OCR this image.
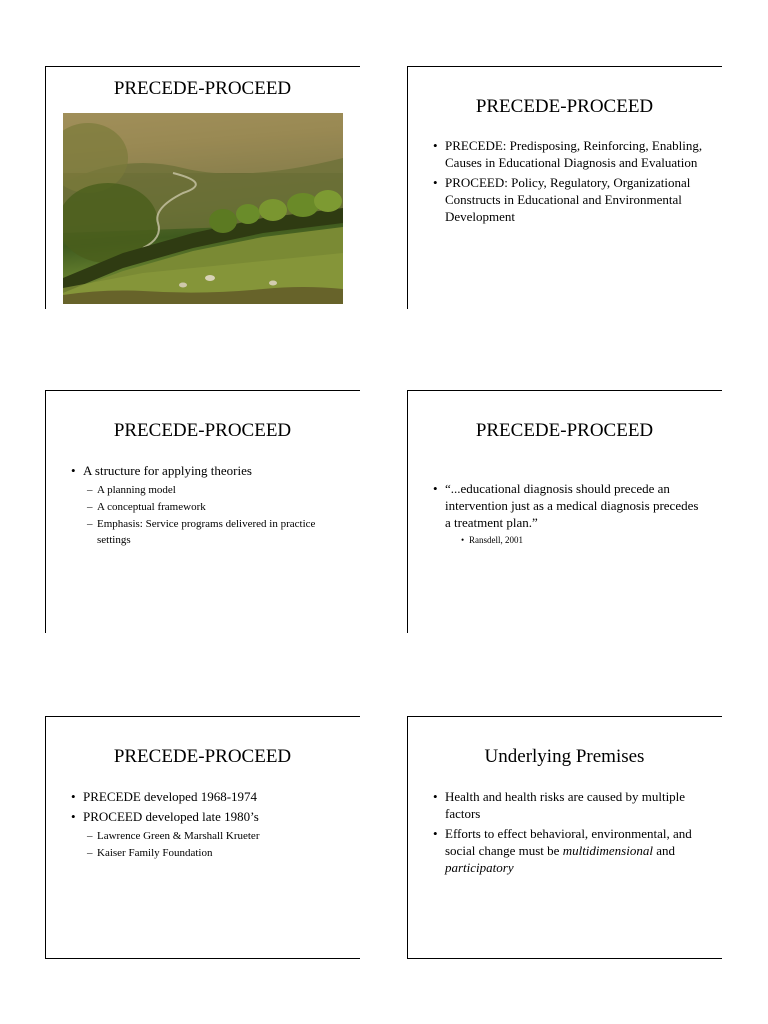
PRECEDE-PROCEED
PRECEDE-PROCEED
• PRECEDE: Predisposing, Reinforcing, Enabling, Causes in Educational Diagnosis and Evaluation
• PROCEED: Policy, Regulatory, Organizational Constructs in Educational and Environmental Development
PRECEDE-PROCEED
• A structure for applying theories
– A planning model
– A conceptual framework
– Emphasis: Service programs delivered in practice settings
PRECEDE-PROCEED
• “...educational diagnosis should precede an intervention just as a medical diagnosis precedes a treatment plan.”
• Ransdell, 2001
PRECEDE-PROCEED
• PRECEDE developed 1968-1974
• PROCEED developed late 1980’s
– Lawrence Green & Marshall Krueter
– Kaiser Family Foundation
Underlying Premises
• Health and health risks are caused by multiple factors
• Efforts to effect behavioral, environmental, and social change must be multidimensional and participatory
